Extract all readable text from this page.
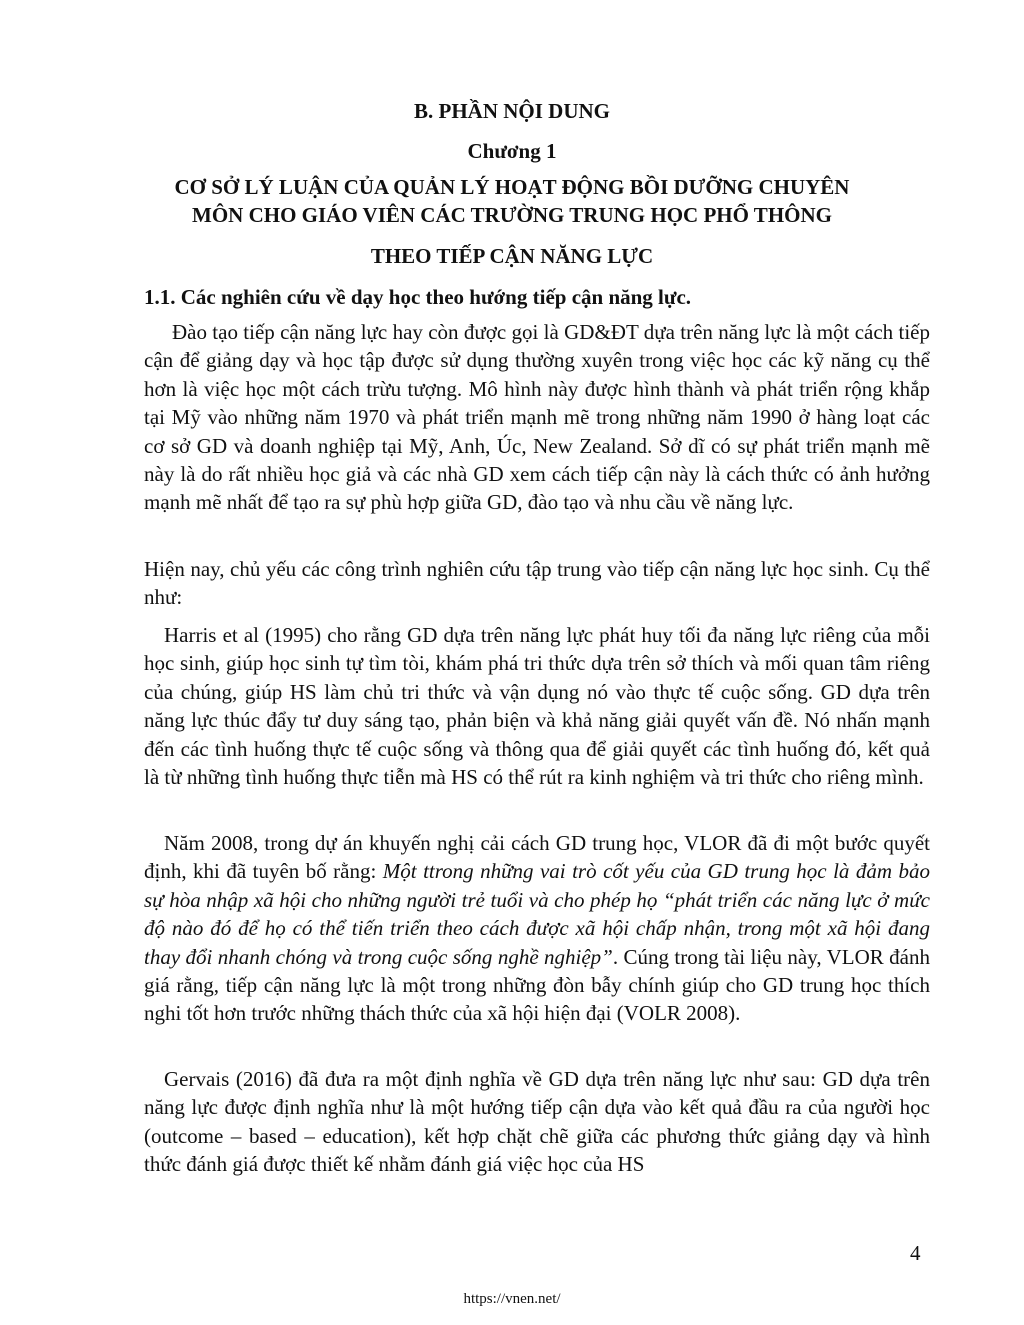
B. PHẦN NỘI DUNG
Chương 1
CƠ SỞ LÝ LUẬN CỦA QUẢN LÝ HOẠT ĐỘNG BỒI DƯỠNG CHUYÊN
MÔN CHO GIÁO VIÊN CÁC TRƯỜNG TRUNG HỌC PHỔ THÔNG
THEO TIẾP CẬN NĂNG LỰC
1.1. Các nghiên cứu về dạy học theo hướng tiếp cận năng lực.

Đào tạo tiếp cận năng lực hay còn được gọi là GD&ĐT dựa trên năng lực là một cách tiếp cận để giảng dạy và học tập được sử dụng thường xuyên trong việc học các kỹ năng cụ thể hơn là việc học một cách trừu tượng. Mô hình này được hình thành và phát triển rộng khắp tại Mỹ vào những năm 1970 và phát triển mạnh mẽ trong những năm 1990 ở hàng loạt các cơ sở GD và doanh nghiệp tại Mỹ, Anh, Úc, New Zealand. Sở dĩ có sự phát triển mạnh mẽ này là do rất nhiều học giả và các nhà GD xem cách tiếp cận này là cách thức có ảnh hưởng mạnh mẽ nhất để tạo ra sự phù hợp giữa GD, đào tạo và nhu cầu về năng lực.

Hiện nay, chủ yếu các công trình nghiên cứu tập trung vào tiếp cận năng lực học sinh. Cụ thể như:

Harris et al (1995) cho rằng GD dựa trên năng lực phát huy tối đa năng lực riêng của mỗi học sinh, giúp học sinh tự tìm tòi, khám phá tri thức dựa trên sở thích và mối quan tâm riêng của chúng, giúp HS làm chủ tri thức và vận dụng nó vào thực tế cuộc sống. GD dựa trên năng lực thúc đẩy tư duy sáng tạo, phản biện và khả năng giải quyết vấn đề. Nó nhấn mạnh đến các tình huống thực tế cuộc sống và thông qua để giải quyết các tình huống đó, kết quả là từ những tình huống thực tiễn mà HS có thể rút ra kinh nghiệm và tri thức cho riêng mình.

Năm 2008, trong dự án khuyến nghị cải cách GD trung học, VLOR đã đi một bước quyết định, khi đã tuyên bố rằng: Một ttrong những vai trò cốt yếu của GD trung học là đảm bảo sự hòa nhập xã hội cho những người trẻ tuổi và cho phép họ “phát triển các năng lực ở mức độ nào đó để họ có thể tiến triển theo cách được xã hội chấp nhận, trong một xã hội đang thay đổi nhanh chóng và trong cuộc sống nghề nghiệp”. Cúng trong tài liệu này, VLOR đánh giá rằng, tiếp cận năng lực là một trong những đòn bẫy chính giúp cho GD trung học thích nghi tốt hơn trước những thách thức của xã hội hiện đại (VOLR 2008).

Gervais (2016) đã đưa ra một định nghĩa về GD dựa trên năng lực như sau: GD dựa trên năng lực được định nghĩa như là một hướng tiếp cận dựa vào kết quả đầu ra của người học (outcome – based – education), kết hợp chặt chẽ giữa các phương thức giảng dạy và hình thức đánh giá được thiết kế nhằm đánh giá việc học của HS

4
https://vnen.net/
